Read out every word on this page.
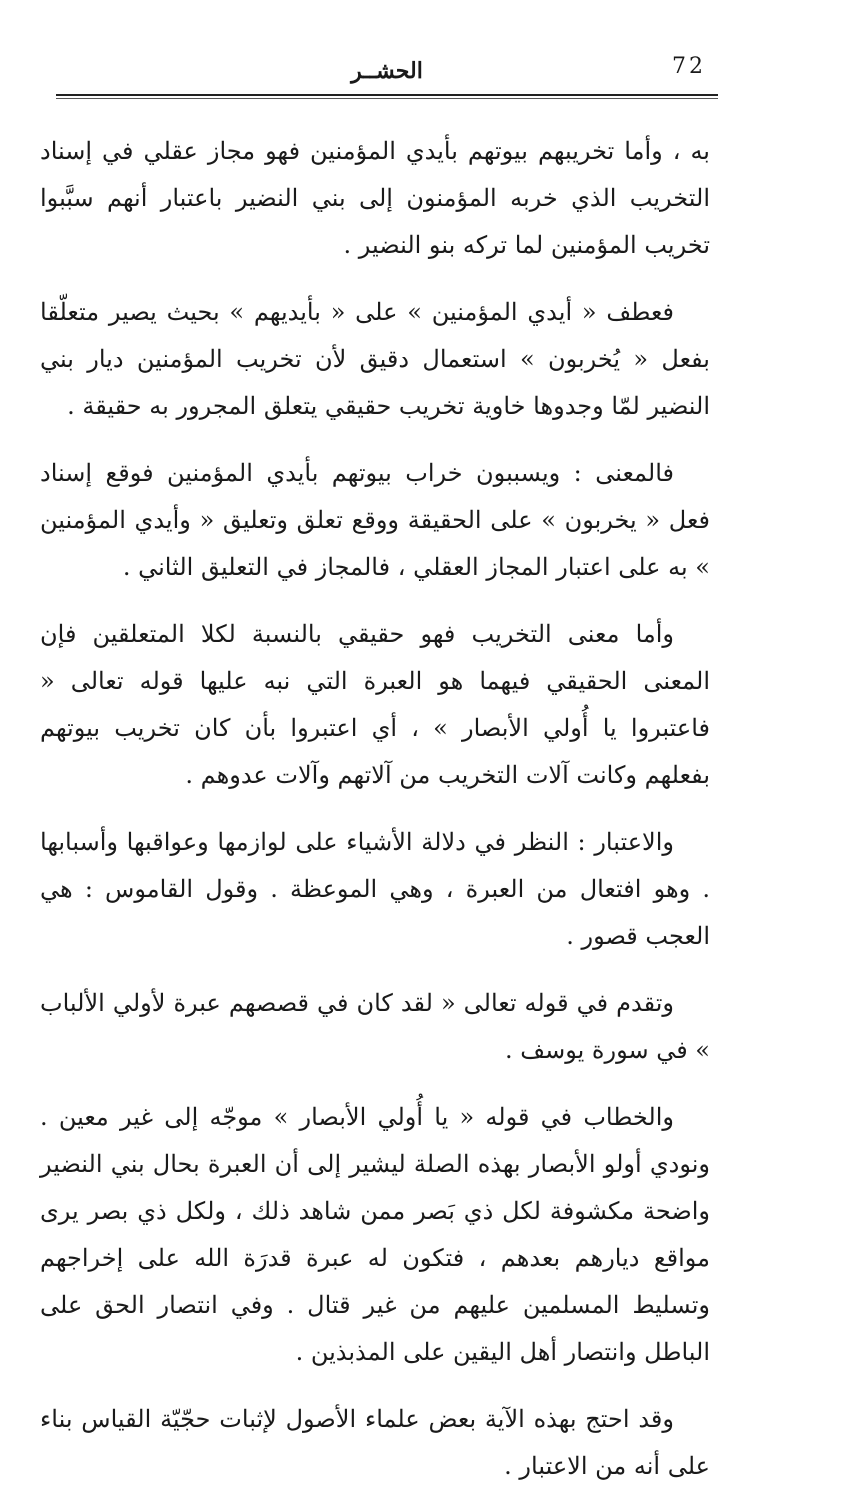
72
الحشــر

به ، وأما تخريبهم بيوتهم بأيدي المؤمنين فهو مجاز عقلي في إسناد التخريب الذي خربه المؤمنون إلى بني النضير باعتبار أنهم سبَّبوا تخريب المؤمنين لما تركه بنو النضير .

فعطف « أيدي المؤمنين » على « بأيديهم » بحيث يصير متعلّقا بفعل « يُخربون » استعمال دقيق لأن تخريب المؤمنين ديار بني النضير لمّا وجدوها خاوية تخريب حقيقي يتعلق المجرور به حقيقة .

فالمعنى : ويسببون خراب بيوتهم بأيدي المؤمنين فوقع إسناد فعل « يخربون » على الحقيقة ووقع تعلق وتعليق « وأيدي المؤمنين » به على اعتبار المجاز العقلي ، فالمجاز في التعليق الثاني .

وأما معنى التخريب فهو حقيقي بالنسبة لكلا المتعلقين فإن المعنى الحقيقي فيهما هو العبرة التي نبه عليها قوله تعالى « فاعتبروا يا أُولي الأبصار » ، أي اعتبروا بأن كان تخريب بيوتهم بفعلهم وكانت آلات التخريب من آلاتهم وآلات عدوهم .

والاعتبار : النظر في دلالة الأشياء على لوازمها وعواقبها وأسبابها . وهو افتعال من العبرة ، وهي الموعظة . وقول القاموس : هي العجب قصور .

وتقدم في قوله تعالى « لقد كان في قصصهم عبرة لأولي الألباب » في سورة يوسف .

والخطاب في قوله « يا أُولي الأبصار » موجّه إلى غير معين . ونودي أولو الأبصار بهذه الصلة ليشير إلى أن العبرة بحال بني النضير واضحة مكشوفة لكل ذي بَصر ممن شاهد ذلك ، ولكل ذي بصر يرى مواقع ديارهم بعدهم ، فتكون له عبرة قدرَة الله على إخراجهم وتسليط المسلمين عليهم من غير قتال . وفي انتصار الحق على الباطل وانتصار أهل اليقين على المذبذين .

وقد احتج بهذه الآية بعض علماء الأصول لإثبات حجّيّة القياس بناء على أنه من الاعتبار .
